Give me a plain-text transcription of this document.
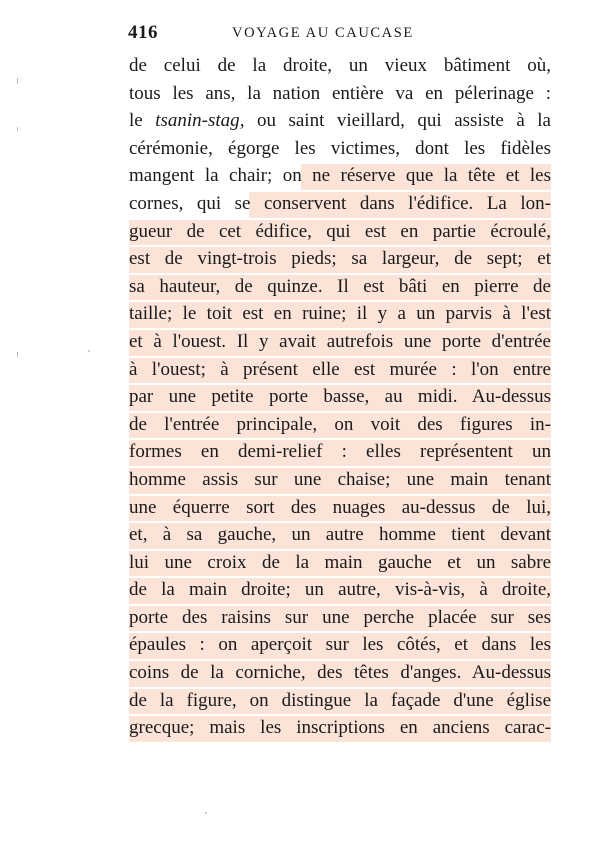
416	VOYAGE AU CAUCASE
de celui de la droite, un vieux bâtiment où,
tous les ans, la nation entière va en pélerinage :
le tsanin-stag, ou saint vieillard, qui assiste à la
cérémonie, égorge les victimes, dont les fidèles
mangent la chair; on ne réserve que la tête et les
cornes, qui se conservent dans l'édifice. La lon-
gueur de cet édifice, qui est en partie écroulé,
est de vingt-trois pieds; sa largeur, de sept; et
sa hauteur, de quinze. Il est bâti en pierre de
taille; le toit est en ruine; il y a un parvis à l'est
et à l'ouest. Il y avait autrefois une porte d'entrée
à l'ouest; à présent elle est murée : l'on entre
par une petite porte basse, au midi. Au-dessus
de l'entrée principale, on voit des figures in-
formes en demi-relief : elles représentent un
homme assis sur une chaise; une main tenant
une équerre sort des nuages au-dessus de lui,
et, à sa gauche, un autre homme tient devant
lui une croix de la main gauche et un sabre
de la main droite; un autre, vis-à-vis, à droite,
porte des raisins sur une perche placée sur ses
épaules : on aperçoit sur les côtés, et dans les
coins de la corniche, des têtes d'anges. Au-dessus
de la figure, on distingue la façade d'une église
grecque; mais les inscriptions en anciens carac-
